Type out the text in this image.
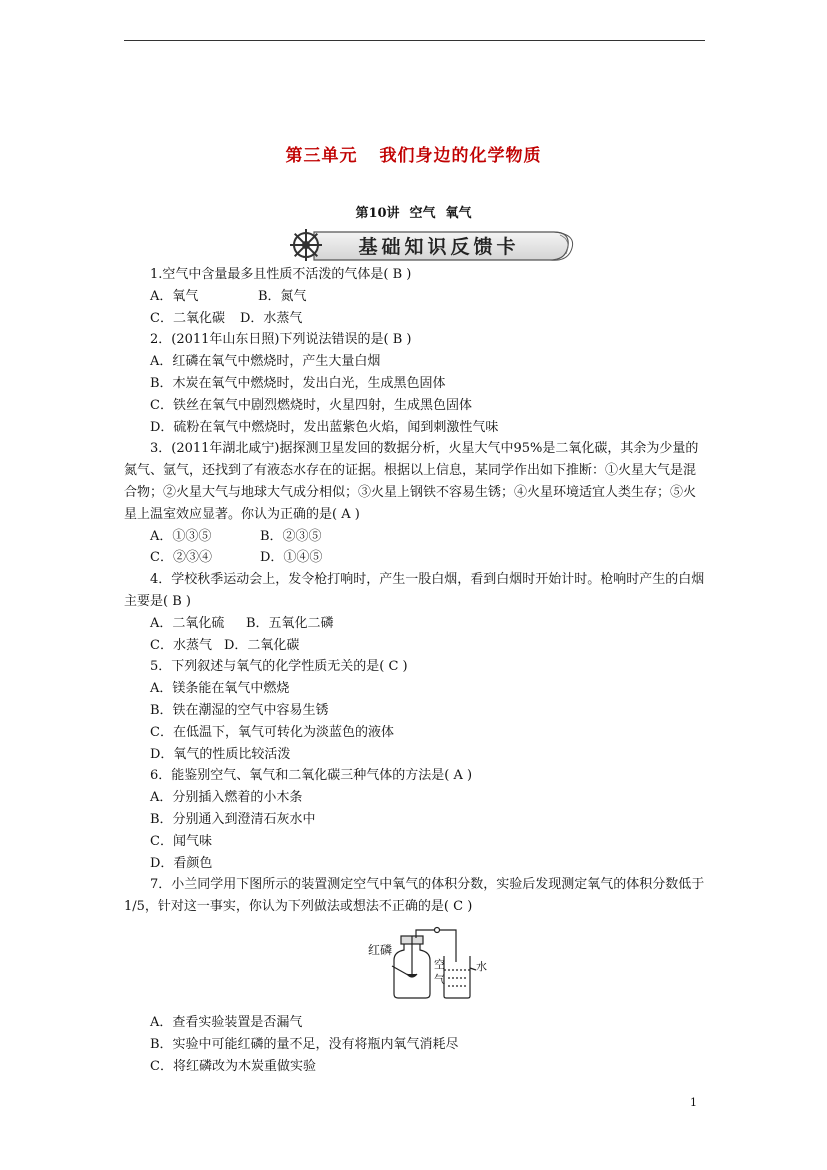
第三单元 我们身边的化学物质
第10讲 空气 氧气
基础知识反馈卡
1.空气中含量最多且性质不活泼的气体是( B )
A．氧气	B．氮气
C．二氧化碳 D．水蒸气
2．(2011年山东日照)下列说法错误的是( B )
A．红磷在氧气中燃烧时，产生大量白烟
B．木炭在氧气中燃烧时，发出白光，生成黑色固体
C．铁丝在氧气中剧烈燃烧时，火星四射，生成黑色固体
D．硫粉在氧气中燃烧时，发出蓝紫色火焰，闻到刺激性气味
3．(2011年湖北咸宁)据探测卫星发回的数据分析，火星大气中95%是二氧化碳，其余为少量的氮气、氩气，还找到了有液态水存在的证据。根据以上信息，某同学作出如下推断：①火星大气是混合物；②火星大气与地球大气成分相似；③火星上钢铁不容易生锈；④火星环境适宜人类生存；⑤火星上温室效应显著。你认为正确的是( A )
A．①③⑤	B．②③⑤
C．②③④	D．①④⑤
4．学校秋季运动会上，发令枪打响时，产生一股白烟，看到白烟时开始计时。枪响时产生的白烟主要是( B )
A．二氧化硫 B．五氧化二磷
C．水蒸气 D．二氧化碳
5．下列叙述与氧气的化学性质无关的是( C )
A．镁条能在氧气中燃烧
B．铁在潮湿的空气中容易生锈
C．在低温下，氧气可转化为淡蓝色的液体
D．氧气的性质比较活泼
6．能鉴别空气、氧气和二氧化碳三种气体的方法是( A )
A．分别插入燃着的小木条
B．分别通入到澄清石灰水中
C．闻气味
D．看颜色
7．小兰同学用下图所示的装置测定空气中氧气的体积分数，实验后发现测定氧气的体积分数低于1/5，针对这一事实，你认为下列做法或想法不正确的是( C )
红磷
空
气
水
A．查看实验装置是否漏气
B．实验中可能红磷的量不足，没有将瓶内氧气消耗尽
C．将红磷改为木炭重做实验
1
